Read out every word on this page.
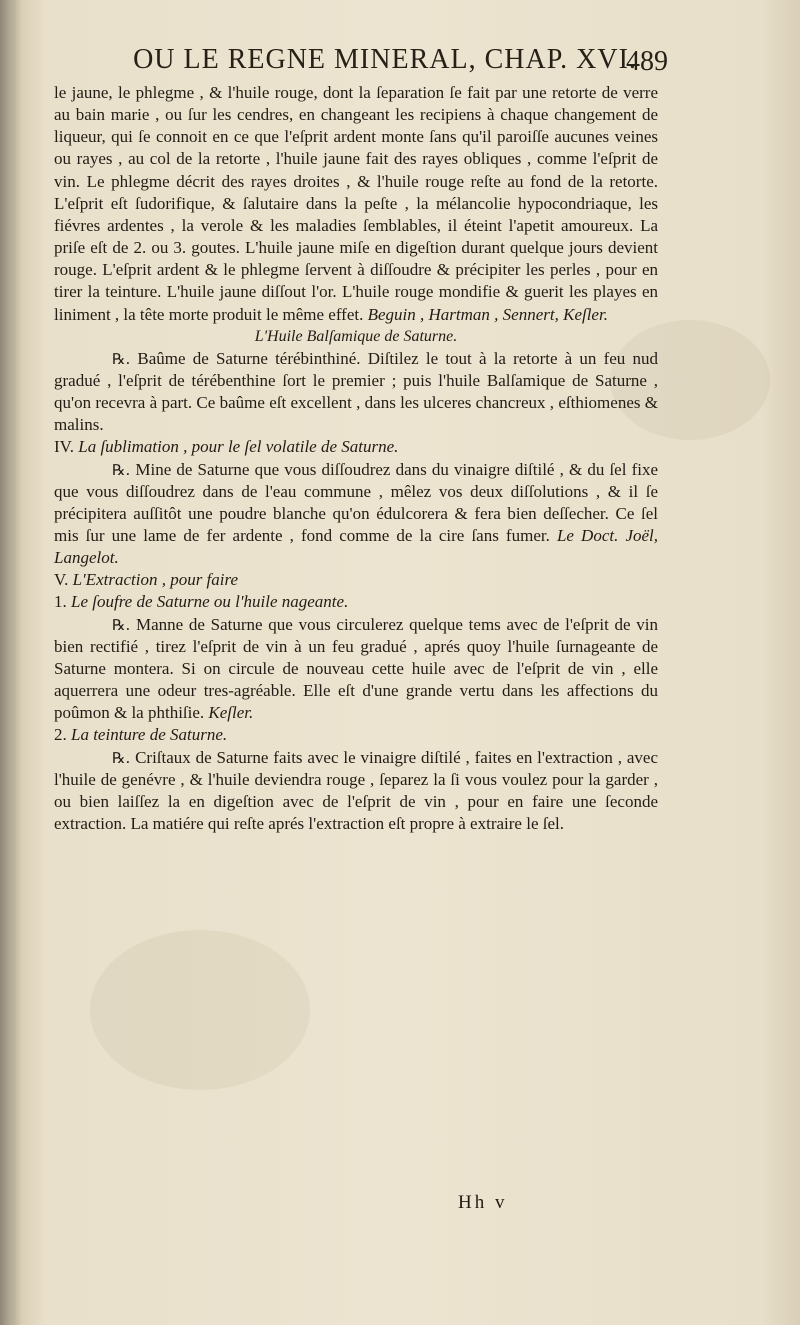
OU LE REGNE MINERAL, CHAP. XVI.
489

le jaune, le phlegme , & l'huile rouge, dont la ſeparation ſe fait par une retorte de verre au bain marie , ou ſur les cendres, en changeant les recipiens à chaque changement de liqueur, qui ſe connoit en ce que l'eſprit ardent monte ſans qu'il paroiſſe aucunes veines ou rayes , au col de la retorte , l'huile jaune fait des rayes obliques , comme l'eſprit de vin. Le phlegme décrit des rayes droites , & l'huile rouge reſte au fond de la retorte. L'eſprit eſt ſudorifique, & ſalutaire dans la peſte , la mélancolie hypocondriaque, les fiévres ardentes , la verole & les maladies ſemblables, il éteint l'apetit amoureux. La priſe eſt de 2. ou 3. goutes. L'huile jaune miſe en digeſtion durant quelque jours devient rouge. L'eſprit ardent & le phlegme ſervent à diſſoudre & précipiter les perles , pour en tirer la teinture. L'huile jaune diſſout l'or. L'huile rouge mondifie & guerit les playes en liniment , la tête morte produit le même effet. Beguin , Hartman , Sennert, Keſler.

L'Huile Balſamique de Saturne.

℞. Baûme de Saturne térébinthiné. Diſtilez le tout à la retorte à un feu nud gradué , l'eſprit de térébenthine ſort le premier ; puis l'huile Balſamique de Saturne , qu'on recevra à part. Ce baûme eſt excellent , dans les ulceres chancreux , eſthiomenes & malins.

IV. La ſublimation , pour le ſel volatile de Saturne.

℞. Mine de Saturne que vous diſſoudrez dans du vinaigre diſtilé , & du ſel fixe que vous diſſoudrez dans de l'eau commune , mêlez vos deux diſſolutions , & il ſe précipitera auſſitôt une poudre blanche qu'on édulcorera & fera bien deſſecher. Ce ſel mis ſur une lame de fer ardente , fond comme de la cire ſans fumer. Le Doct. Joël, Langelot.

V. L'Extraction , pour faire

1. Le ſoufre de Saturne ou l'huile nageante.

℞. Manne de Saturne que vous circulerez quelque tems avec de l'eſprit de vin bien rectifié , tirez l'eſprit de vin à un feu gradué , aprés quoy l'huile ſurnageante de Saturne montera. Si on circule de nouveau cette huile avec de l'eſprit de vin , elle aquerrera une odeur tres-agréable. Elle eſt d'une grande vertu dans les affections du poûmon & la phthiſie. Keſler.

2. La teinture de Saturne.

℞. Criſtaux de Saturne faits avec le vinaigre diſtilé , faites en l'extraction , avec l'huile de genévre , & l'huile deviendra rouge , ſeparez la ſi vous voulez pour la garder , ou bien laiſſez la en digeſtion avec de l'eſprit de vin , pour en faire une ſeconde extraction. La matiére qui reſte aprés l'extraction eſt propre à extraire le ſel.

Hh v
